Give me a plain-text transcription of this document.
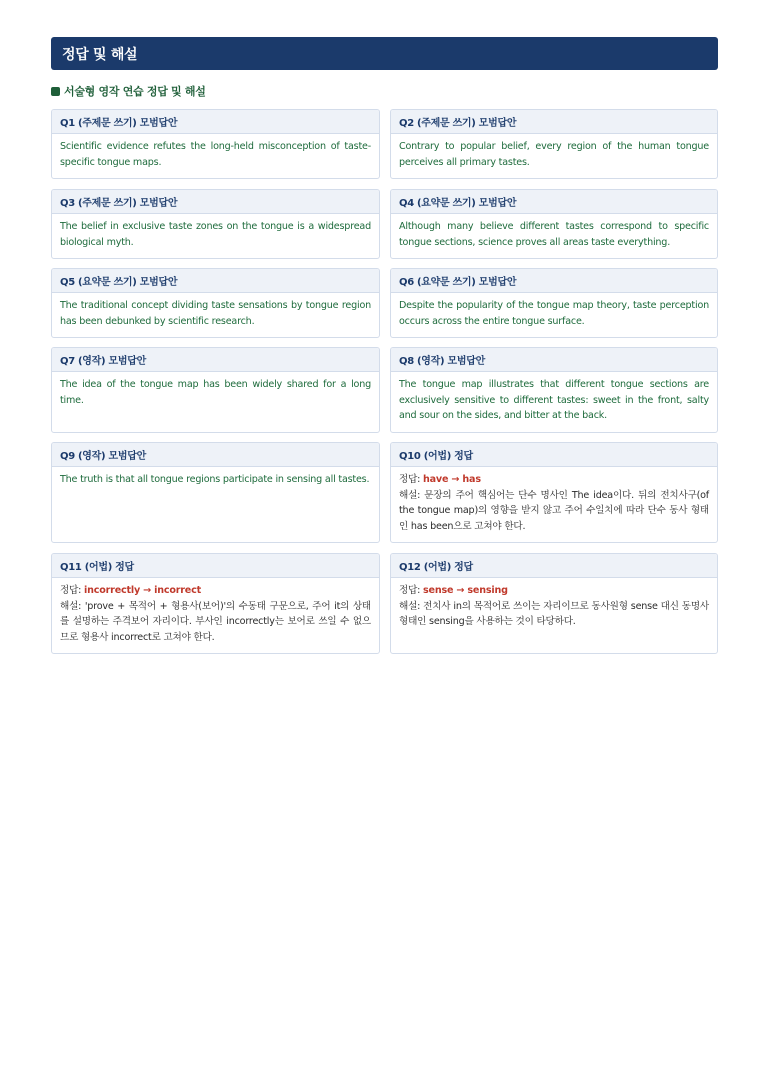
정답 및 해설
서술형 영작 연습 정답 및 해설
Q1 (주제문 쓰기) 모범답안
Scientific evidence refutes the long-held misconception of taste-specific tongue maps.
Q2 (주제문 쓰기) 모범답안
Contrary to popular belief, every region of the human tongue perceives all primary tastes.
Q3 (주제문 쓰기) 모범답안
The belief in exclusive taste zones on the tongue is a widespread biological myth.
Q4 (요약문 쓰기) 모범답안
Although many believe different tastes correspond to specific tongue sections, science proves all areas taste everything.
Q5 (요약문 쓰기) 모범답안
The traditional concept dividing taste sensations by tongue region has been debunked by scientific research.
Q6 (요약문 쓰기) 모범답안
Despite the popularity of the tongue map theory, taste perception occurs across the entire tongue surface.
Q7 (영작) 모범답안
The idea of the tongue map has been widely shared for a long time.
Q8 (영작) 모범답안
The tongue map illustrates that different tongue sections are exclusively sensitive to different tastes: sweet in the front, salty and sour on the sides, and bitter at the back.
Q9 (영작) 모범답안
The truth is that all tongue regions participate in sensing all tastes.
Q10 (어법) 정답
정답: have → has
해설: 문장의 주어 핵심어는 단수 명사인 The idea이다. 뒤의 전치사구(of the tongue map)의 영향을 받지 않고 주어 수일치에 따라 단수 동사 형태인 has been으로 고쳐야 한다.
Q11 (어법) 정답
정답: incorrectly → incorrect
해설: 'prove + 목적어 + 형용사(보어)'의 수동태 구문으로, 주어 it의 상태를 설명하는 주격보어 자리이다. 부사인 incorrectly는 보어로 쓰일 수 없으므로 형용사 incorrect로 고쳐야 한다.
Q12 (어법) 정답
정답: sense → sensing
해설: 전치사 in의 목적어로 쓰이는 자리이므로 동사원형 sense 대신 동명사 형태인 sensing을 사용하는 것이 타당하다.
